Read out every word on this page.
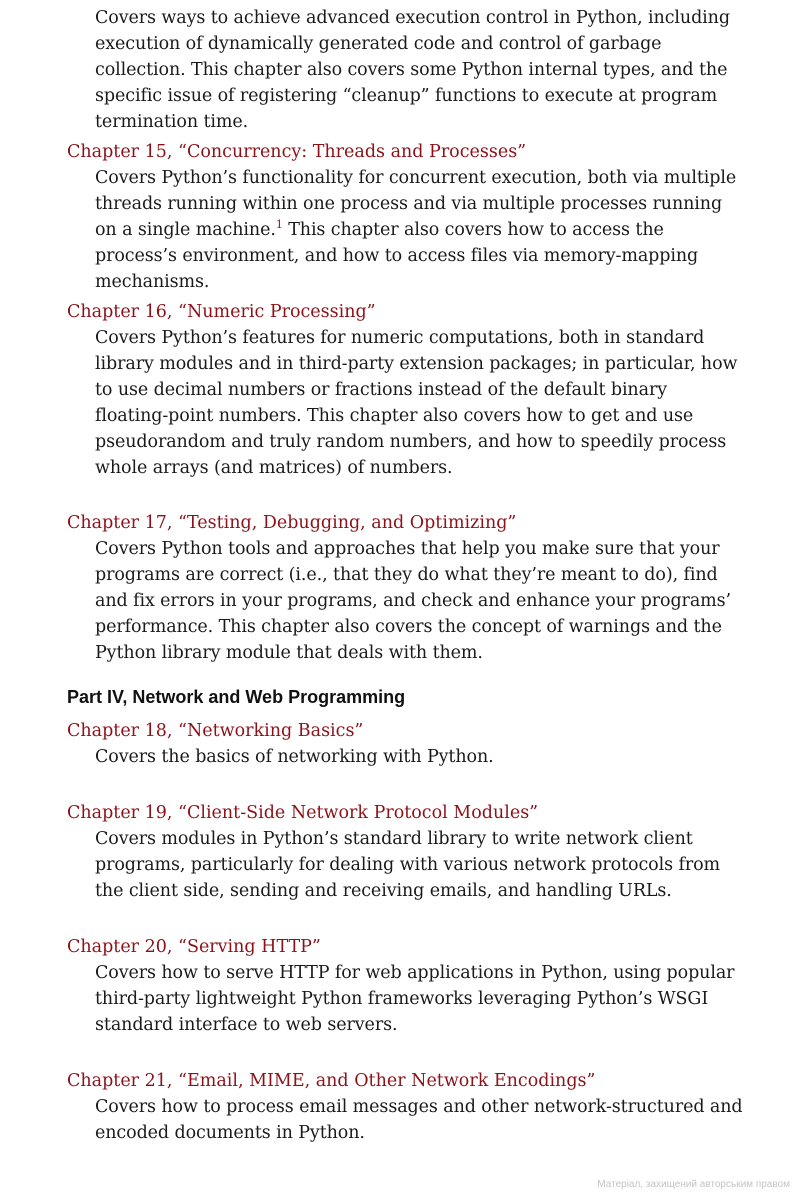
Covers ways to achieve advanced execution control in Python, including execution of dynamically generated code and control of garbage collection. This chapter also covers some Python internal types, and the specific issue of registering “cleanup” functions to execute at program termination time.

Chapter 15, “Concurrency: Threads and Processes”

Covers Python’s functionality for concurrent execution, both via multiple threads running within one process and via multiple processes running on a single machine.$^1$ This chapter also covers how to access the process’s environment, and how to access files via memory-mapping mechanisms.

Chapter 16, “Numeric Processing”

Covers Python’s features for numeric computations, both in standard library modules and in third-party extension packages; in particular, how to use decimal numbers or fractions instead of the default binary floating-point numbers. This chapter also covers how to get and use pseudorandom and truly random numbers, and how to speedily process whole arrays (and matrices) of numbers.

Chapter 17, “Testing, Debugging, and Optimizing”

Covers Python tools and approaches that help you make sure that your programs are correct (i.e., that they do what they’re meant to do), find and fix errors in your programs, and check and enhance your programs’ performance. This chapter also covers the concept of warnings and the Python library module that deals with them.

Part IV, Network and Web Programming
Chapter 18, “Networking Basics”

Covers the basics of networking with Python.

Chapter 19, “Client-Side Network Protocol Modules”

Covers modules in Python’s standard library to write network client programs, particularly for dealing with various network protocols from the client side, sending and receiving emails, and handling URLs.

Chapter 20, “Serving HTTP”

Covers how to serve HTTP for web applications in Python, using popular third-party lightweight Python frameworks leveraging Python’s WSGI standard interface to web servers.

Chapter 21, “Email, MIME, and Other Network Encodings”

Covers how to process email messages and other network-structured and encoded documents in Python.

Матеріал, захищений авторським правом
